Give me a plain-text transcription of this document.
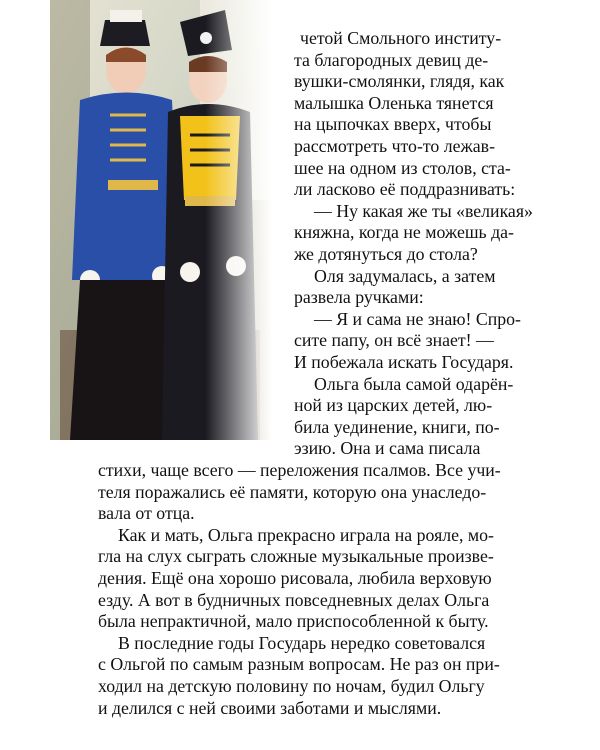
четой Смольного институ-
та благородных девиц де-
вушки-смолянки, глядя, как
малышка Оленька тянется
на цыпочках вверх, чтобы
рассмотреть что-то лежав-
шее на одном из столов, ста-
ли ласково её поддразнивать:
— Ну какая же ты «великая»
княжна, когда не можешь да-
же дотянуться до стола?
Оля задумалась, а затем
развела ручками:
— Я и сама не знаю! Спро-
сите папу, он всё знает! —
И побежала искать Государя.
Ольга была самой одарён-
ной из царских детей, лю-
била уединение, книги, по-
эзию. Она и сама писала
стихи, чаще всего — переложения псалмов. Все учи-
теля поражались её памяти, которую она унаследо-
вала от отца.
Как и мать, Ольга прекрасно играла на рояле, мо-
гла на слух сыграть сложные музыкальные произве-
дения. Ещё она хорошо рисовала, любила верховую
езду. А вот в будничных повседневных делах Ольга
была непрактичной, мало приспособленной к быту.
В последние годы Государь нередко советовался
с Ольгой по самым разным вопросам. Не раз он при-
ходил на детскую половину по ночам, будил Ольгу
и делился с ней своими заботами и мыслями.
